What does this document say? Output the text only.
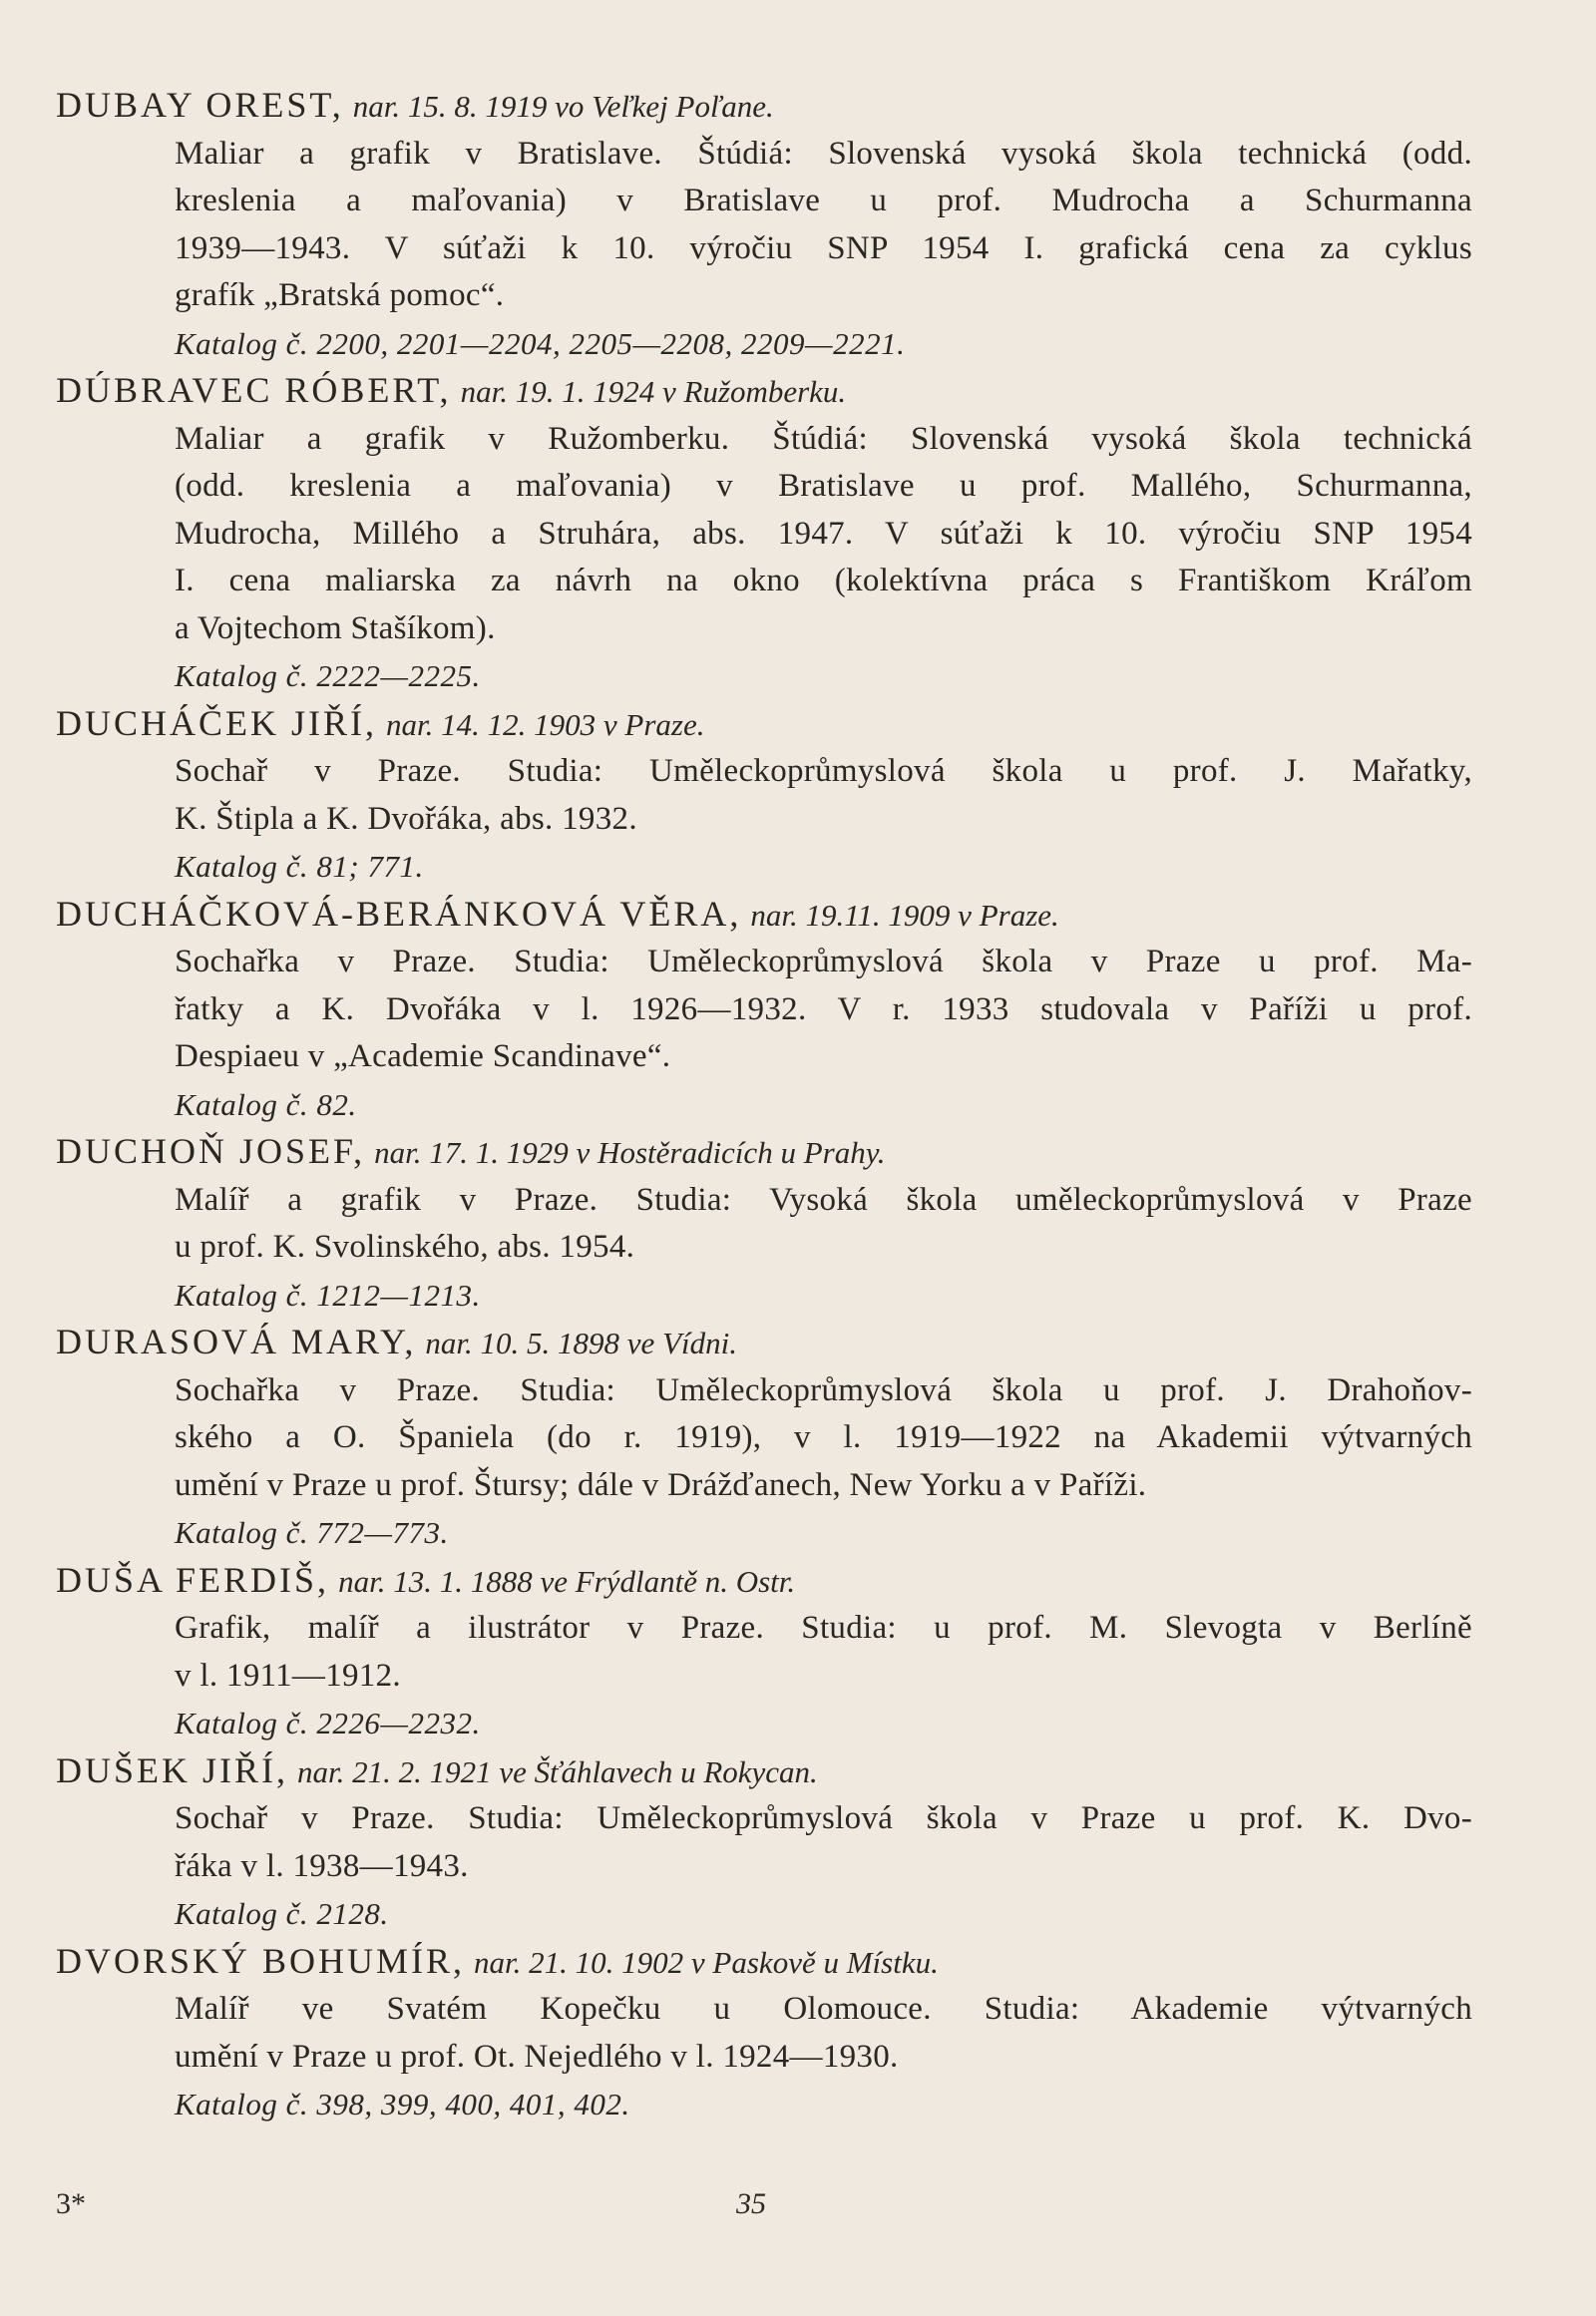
DUBAY OREST, nar. 15. 8. 1919 vo Veľkej Poľane.
Maliar a grafik v Bratislave. Štúdiá: Slovenská vysoká škola technická (odd.
kreslenia a maľovania) v Bratislave u prof. Mudrocha a Schurmanna
1939—1943. V súťaži k 10. výročiu SNP 1954 I. grafická cena za cyklus
grafík „Bratská pomoc“.
Katalog č. 2200, 2201—2204, 2205—2208, 2209—2221.
DÚBRAVEC RÓBERT, nar. 19. 1. 1924 v Ružomberku.
Maliar a grafik v Ružomberku. Štúdiá: Slovenská vysoká škola technická
(odd. kreslenia a maľovania) v Bratislave u prof. Mallého, Schurmanna,
Mudrocha, Millého a Struhára, abs. 1947. V súťaži k 10. výročiu SNP 1954
I. cena maliarska za návrh na okno (kolektívna práca s Františkom Kráľom
a Vojtechom Stašíkom).
Katalog č. 2222—2225.
DUCHÁČEK JIŘÍ, nar. 14. 12. 1903 v Praze.
Sochař v Praze. Studia: Uměleckoprůmyslová škola u prof. J. Mařatky,
K. Štipla a K. Dvořáka, abs. 1932.
Katalog č. 81; 771.
DUCHÁČKOVÁ-BERÁNKOVÁ VĚRA, nar. 19.11. 1909 v Praze.
Sochařka v Praze. Studia: Uměleckoprůmyslová škola v Praze u prof. Ma-
řatky a K. Dvořáka v l. 1926—1932. V r. 1933 studovala v Paříži u prof.
Despiaeu v „Academie Scandinave“.
Katalog č. 82.
DUCHOŇ JOSEF, nar. 17. 1. 1929 v Hostěradicích u Prahy.
Malíř a grafik v Praze. Studia: Vysoká škola uměleckoprůmyslová v Praze
u prof. K. Svolinského, abs. 1954.
Katalog č. 1212—1213.
DURASOVÁ MARY, nar. 10. 5. 1898 ve Vídni.
Sochařka v Praze. Studia: Uměleckoprůmyslová škola u prof. J. Drahoňov-
ského a O. Španiela (do r. 1919), v l. 1919—1922 na Akademii výtvarných
umění v Praze u prof. Štursy; dále v Drážďanech, New Yorku a v Paříži.
Katalog č. 772—773.
DUŠA FERDIŠ, nar. 13. 1. 1888 ve Frýdlantě n. Ostr.
Grafik, malíř a ilustrátor v Praze. Studia: u prof. M. Slevogta v Berlíně
v l. 1911—1912.
Katalog č. 2226—2232.
DUŠEK JIŘÍ, nar. 21. 2. 1921 ve Šťáhlavech u Rokycan.
Sochař v Praze. Studia: Uměleckoprůmyslová škola v Praze u prof. K. Dvo-
řáka v l. 1938—1943.
Katalog č. 2128.
DVORSKÝ BOHUMÍR, nar. 21. 10. 1902 v Paskově u Místku.
Malíř ve Svatém Kopečku u Olomouce. Studia: Akademie výtvarných
umění v Praze u prof. Ot. Nejedlého v l. 1924—1930.
Katalog č. 398, 399, 400, 401, 402.
3*	35
